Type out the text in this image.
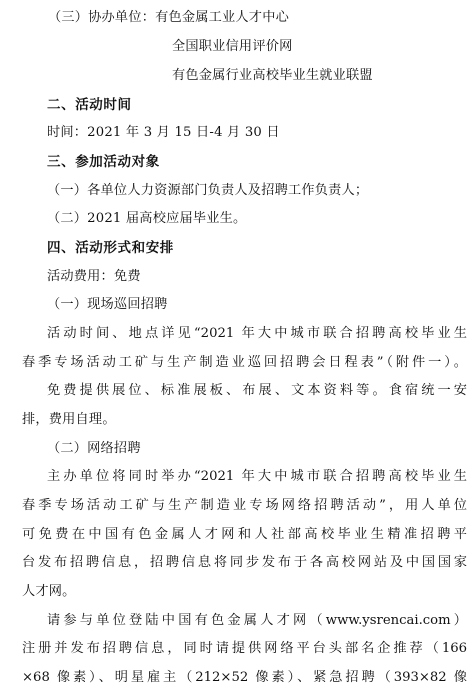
（三）协办单位：有色金属工业人才中心
全国职业信用评价网
有色金属行业高校毕业生就业联盟
二、活动时间
时间：2021 年 3 月 15 日-4 月 30 日
三、参加活动对象
（一）各单位人力资源部门负责人及招聘工作负责人；
（二）2021 届高校应届毕业生。
四、活动形式和安排
活动费用：免费
（一）现场巡回招聘
活动时间、地点详见“2021 年大中城市联合招聘高校毕业生
春季专场活动工矿与生产制造业巡回招聘会日程表”（附件一）。
免费提供展位、标准展板、布展、文本资料等。食宿统一安
排，费用自理。
（二）网络招聘
主办单位将同时举办“2021 年大中城市联合招聘高校毕业生
春季专场活动工矿与生产制造业专场网络招聘活动”，用人单位
可免费在中国有色金属人才网和人社部高校毕业生精准招聘平
台发布招聘信息，招聘信息将同步发布于各高校网站及中国国家
人才网。
请参与单位登陆中国有色金属人才网（www.ysrencai.com）
注册并发布招聘信息，同时请提供网络平台头部名企推荐（166
×68 像素）、明星雇主（212×52 像素）、紧急招聘（393×82 像
